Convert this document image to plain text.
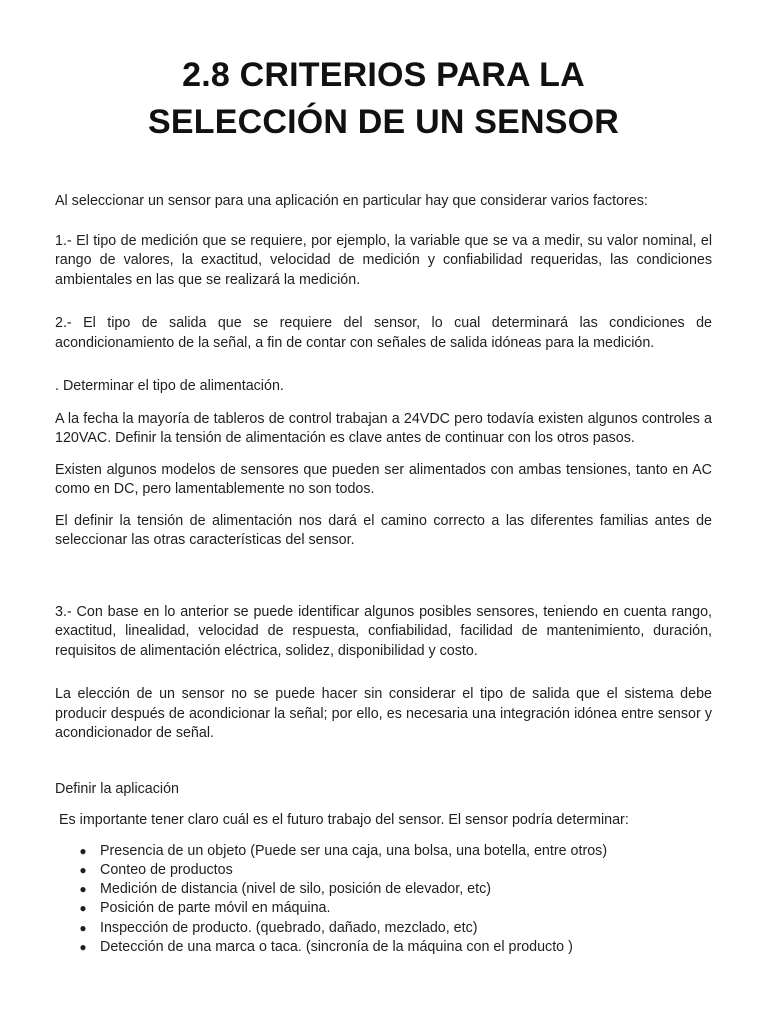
2.8 CRITERIOS PARA LA
SELECCIÓN DE UN SENSOR

Al seleccionar un sensor para una aplicación en particular hay que considerar varios factores:

1.- El tipo de medición que se requiere, por ejemplo, la variable que se va a medir, su valor nominal, el rango de valores, la exactitud, velocidad de medición y confiabilidad requeridas, las condiciones ambientales en las que se realizará la medición.

2.- El tipo de salida que se requiere del sensor, lo cual determinará las condiciones de acondicionamiento de la señal, a fin de contar con señales de salida idóneas para la medición.

. Determinar el tipo de alimentación.

A la fecha la mayoría de tableros de control trabajan a 24VDC pero todavía existen algunos controles a 120VAC. Definir la tensión de alimentación es clave antes de continuar con los otros pasos.

Existen algunos modelos de sensores que pueden ser alimentados con ambas tensiones, tanto en AC como en DC, pero lamentablemente no son todos.

El definir la tensión de alimentación nos dará el camino correcto a las diferentes familias antes de seleccionar las otras características del sensor.

3.- Con base en lo anterior se puede identificar algunos posibles sensores, teniendo en cuenta rango, exactitud, linealidad, velocidad de respuesta, confiabilidad, facilidad de mantenimiento, duración, requisitos de alimentación eléctrica, solidez, disponibilidad y costo.

La elección de un sensor no se puede hacer sin considerar el tipo de salida que el sistema debe producir después de acondicionar la señal; por ello, es necesaria una integración idónea entre sensor y acondicionador de señal.

Definir la aplicación

Es importante tener claro cuál es el futuro trabajo del sensor. El sensor podría determinar:

● Presencia de un objeto (Puede ser una caja, una bolsa, una botella, entre otros)
● Conteo de productos
● Medición de distancia (nivel de silo, posición de elevador, etc)
● Posición de parte móvil en máquina.
● Inspección de producto. (quebrado, dañado, mezclado, etc)
● Detección de una marca o taca. (sincronía de la máquina con el producto )
